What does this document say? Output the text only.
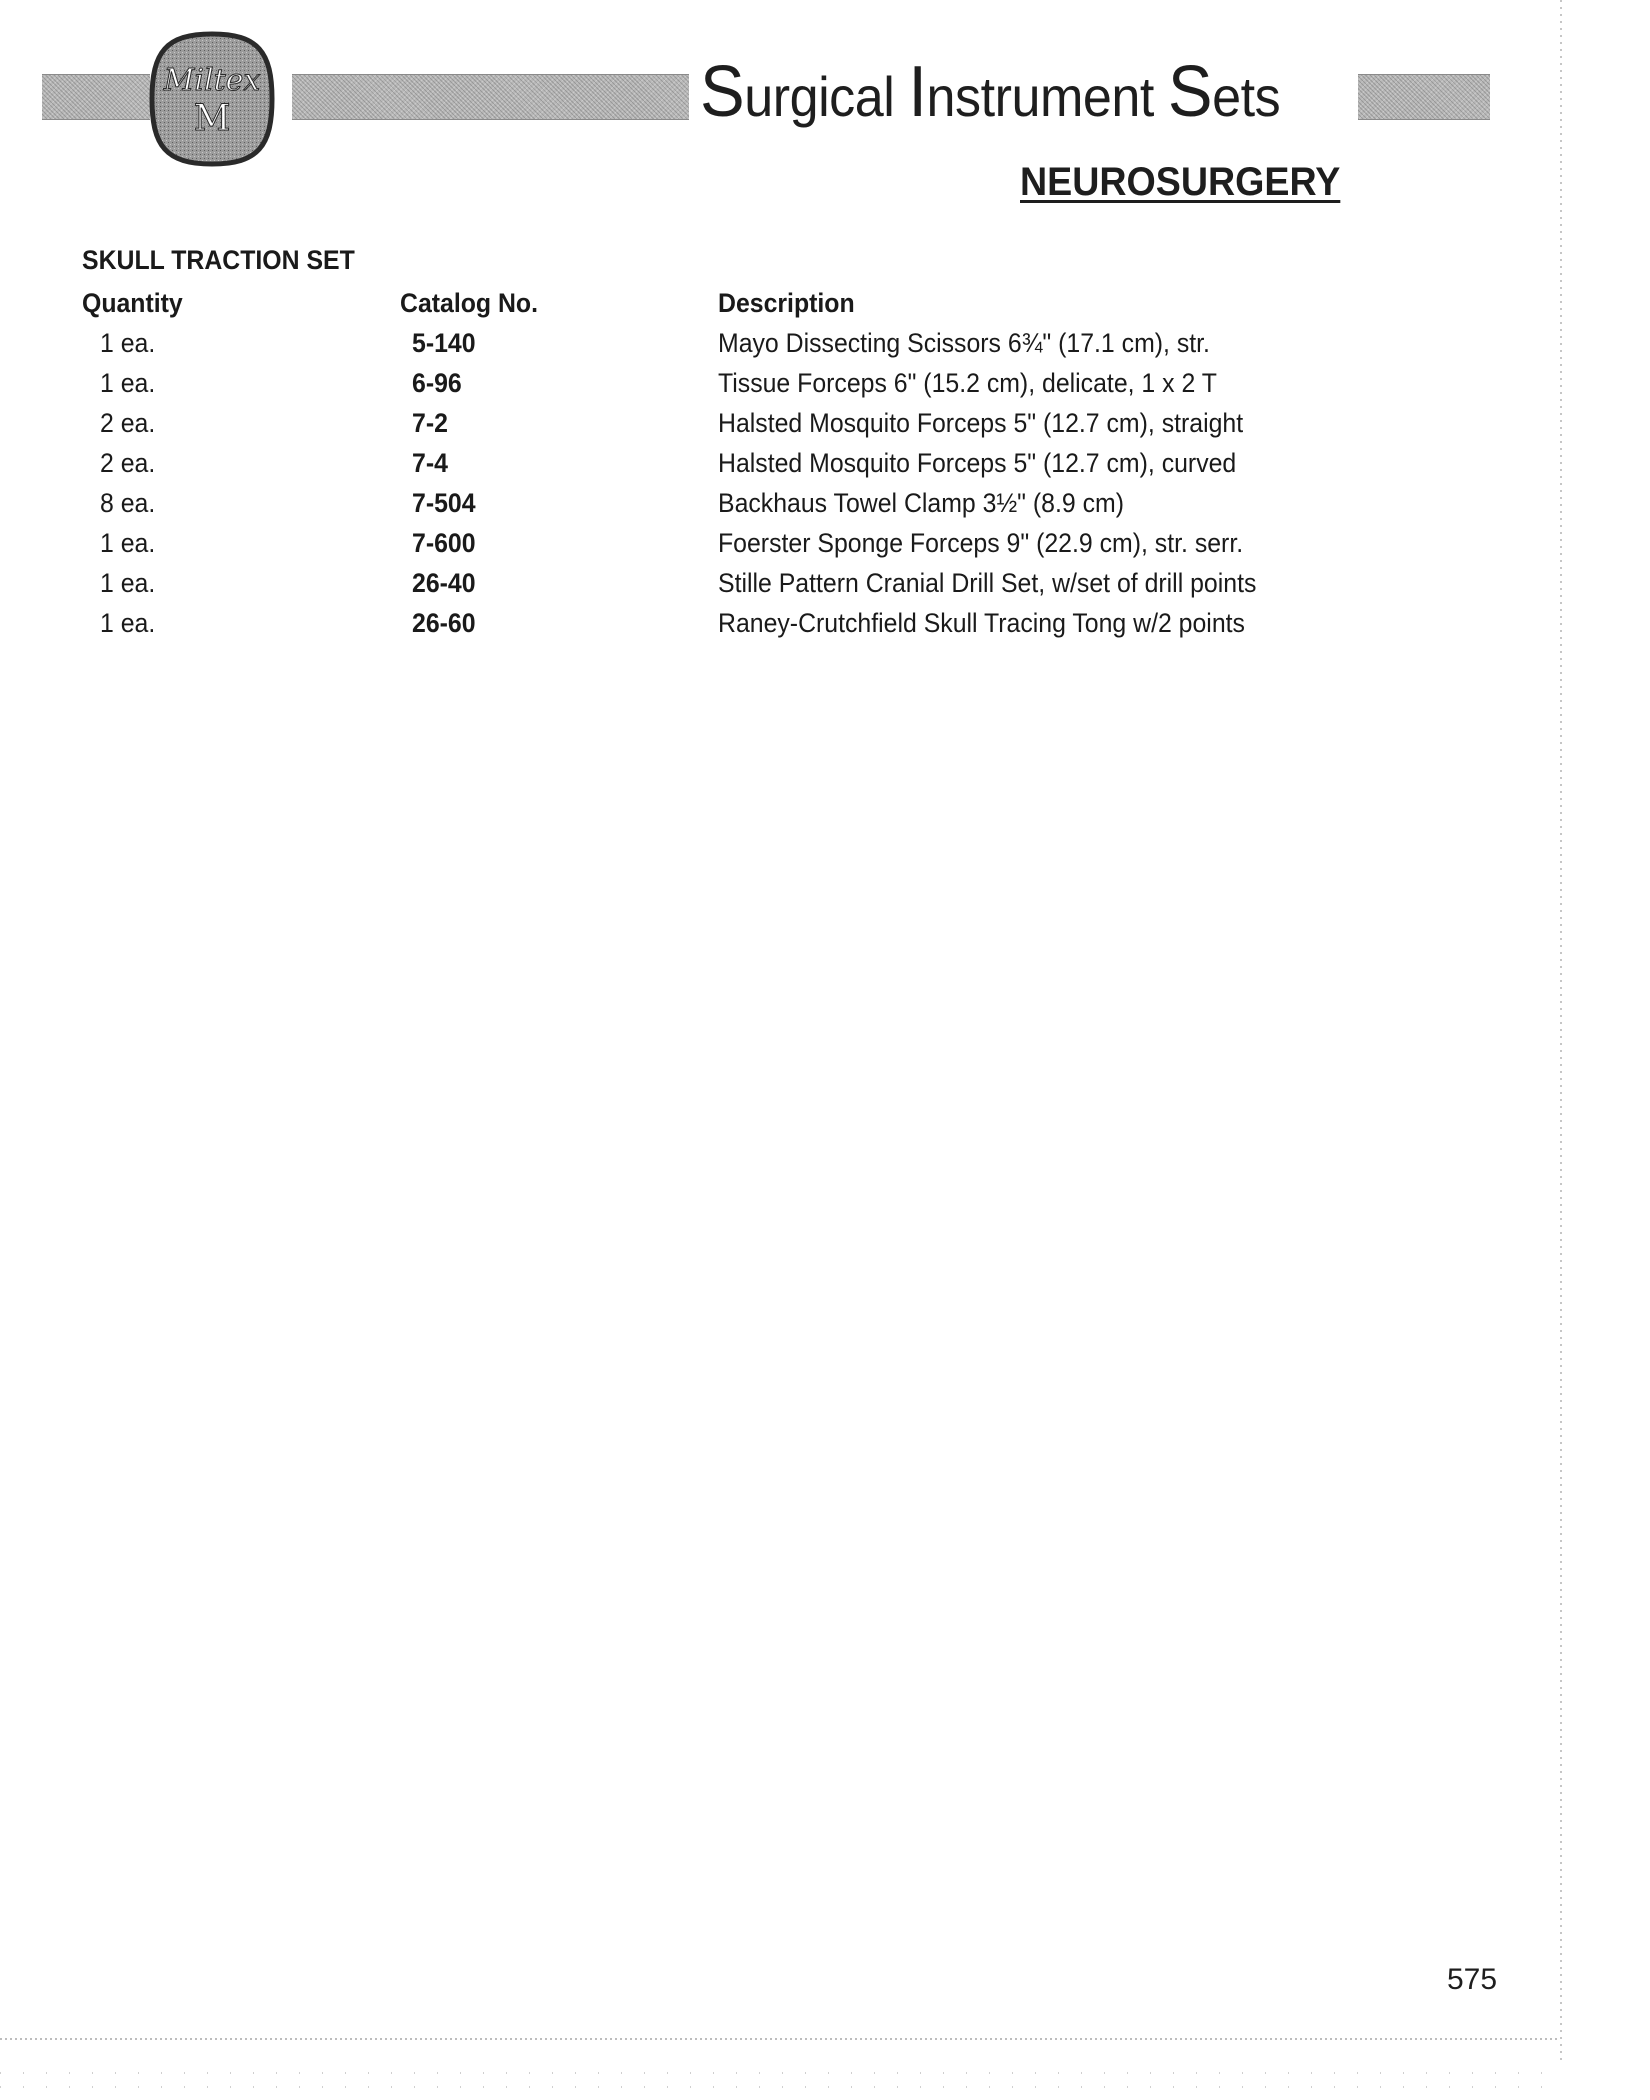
Miltex
M	Surgical Instrument Sets
NEUROSURGERY
SKULL TRACTION SET
Quantity	Catalog No.	Description
1 ea.	5-140	Mayo Dissecting Scissors 6¾" (17.1 cm), str.
1 ea.	6-96	Tissue Forceps 6" (15.2 cm), delicate, 1 x 2 T
2 ea.	7-2	Halsted Mosquito Forceps 5" (12.7 cm), straight
2 ea.	7-4	Halsted Mosquito Forceps 5" (12.7 cm), curved
8 ea.	7-504	Backhaus Towel Clamp 3½" (8.9 cm)
1 ea.	7-600	Foerster Sponge Forceps 9" (22.9 cm), str. serr.
1 ea.	26-40	Stille Pattern Cranial Drill Set, w/set of drill points
1 ea.	26-60	Raney-Crutchfield Skull Tracing Tong w/2 points
575
